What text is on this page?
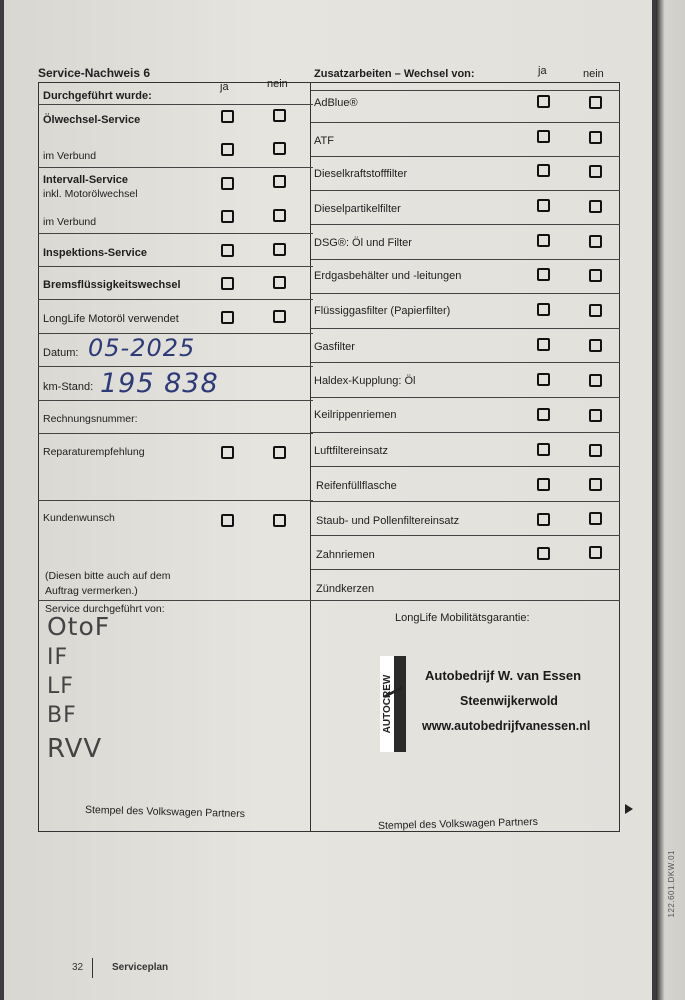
122.601.DKW.01
Service-Nachweis 6
Durchgeführt wurde:
ja	nein
Zusatzarbeiten – Wechsel von:	ja	nein
Ölwechsel-Service
im Verbund
Intervall-Service
inkl. Motorölwechsel
im Verbund
Inspektions-Service
Bremsflüssigkeitswechsel
LongLife Motoröl verwendet
Datum: 05-2025
km-Stand: 195 838
Rechnungsnummer:
Reparaturempfehlung
Kundenwunsch
(Diesen bitte auch auf dem
Auftrag vermerken.)
Service durchgeführt von:
OtoF
IF
LF
BF
RVV
Stempel des Volkswagen Partners
AdBlue®
ATF
Dieselkraftstofffilter
Dieselpartikelfilter
DSG®: Öl und Filter
Erdgasbehälter und -leitungen
Flüssiggasfilter (Papierfilter)
Gasfilter
Haldex-Kupplung: Öl
Keilrippenriemen
Luftfiltereinsatz
Reifenfüllflasche
Staub- und Pollenfiltereinsatz
Zahnriemen
Zündkerzen
LongLife Mobilitätsgarantie:
AUTOCREW Autobedrijf W. van Essen
Steenwijkerwold
www.autobedrijfvanessen.nl
Stempel des Volkswagen Partners
32	Serviceplan
